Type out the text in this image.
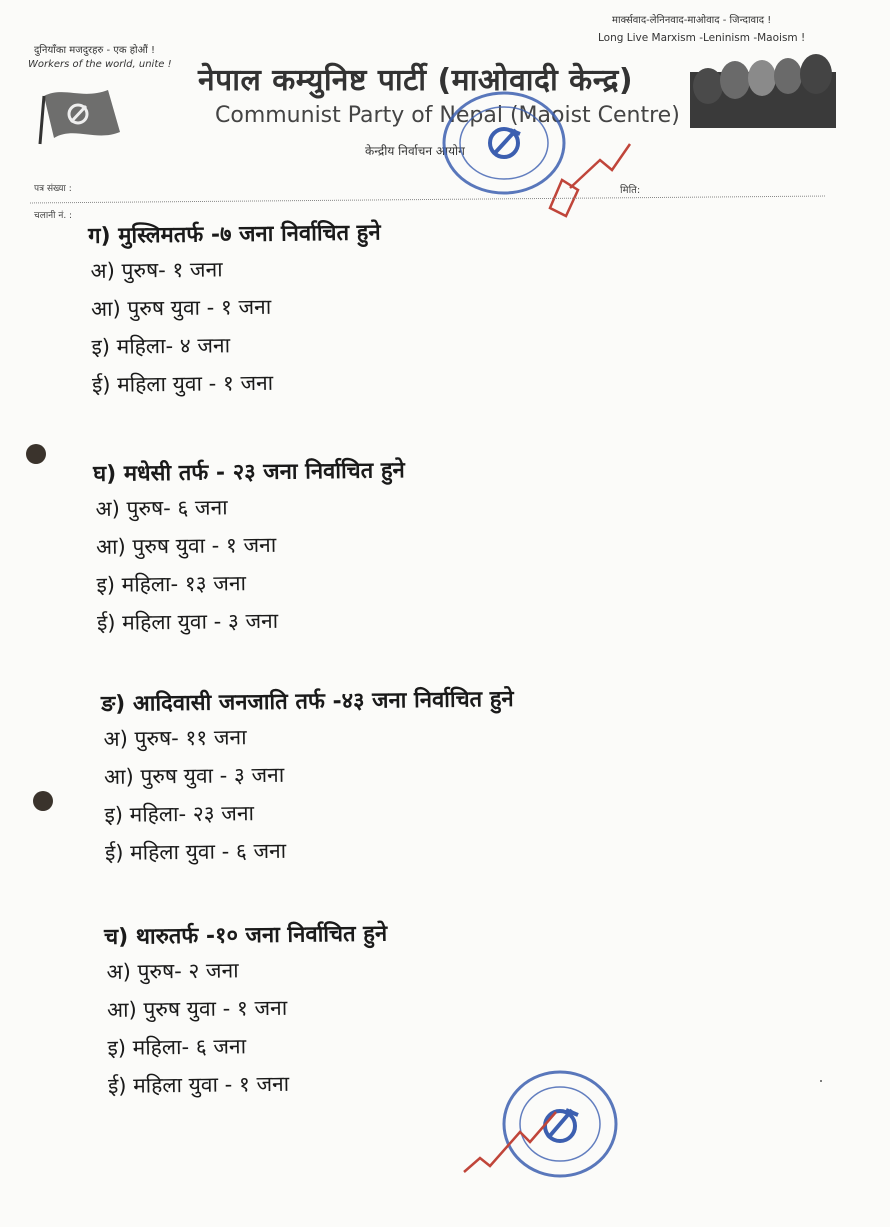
दुनियाँका मजदुरहरु - एक होऔं !
Workers of the world, unite !
मार्क्सवाद-लेनिनवाद-माओवाद - जिन्दावाद !
Long Live Marxism -Leninism -Maoism !
नेपाल कम्युनिष्ट पार्टी (माओवादी केन्द्र)
Communist Party of Nepal (Maoist Centre)
केन्द्रीय निर्वाचन आयोग
पत्र संख्या :	मिति:
चलानी नं. :
ग) मुस्लिमतर्फ -७ जना निर्वाचित हुने
अ) पुरुष- १ जना
आ) पुरुष युवा - १ जना
इ) महिला- ४ जना
ई) महिला युवा - १ जना
घ) मधेसी तर्फ - २३ जना निर्वाचित हुने
अ) पुरुष- ६ जना
आ) पुरुष युवा - १ जना
इ) महिला- १३ जना
ई) महिला युवा - ३ जना
ङ) आदिवासी जनजाति तर्फ -४३ जना निर्वाचित हुने
अ) पुरुष- ११ जना
आ) पुरुष युवा - ३ जना
इ) महिला- २३ जना
ई) महिला युवा - ६ जना
च) थारुतर्फ -१० जना निर्वाचित हुने
अ) पुरुष- २ जना
आ) पुरुष युवा - १ जना
इ) महिला- ६ जना
ई) महिला युवा - १ जना
